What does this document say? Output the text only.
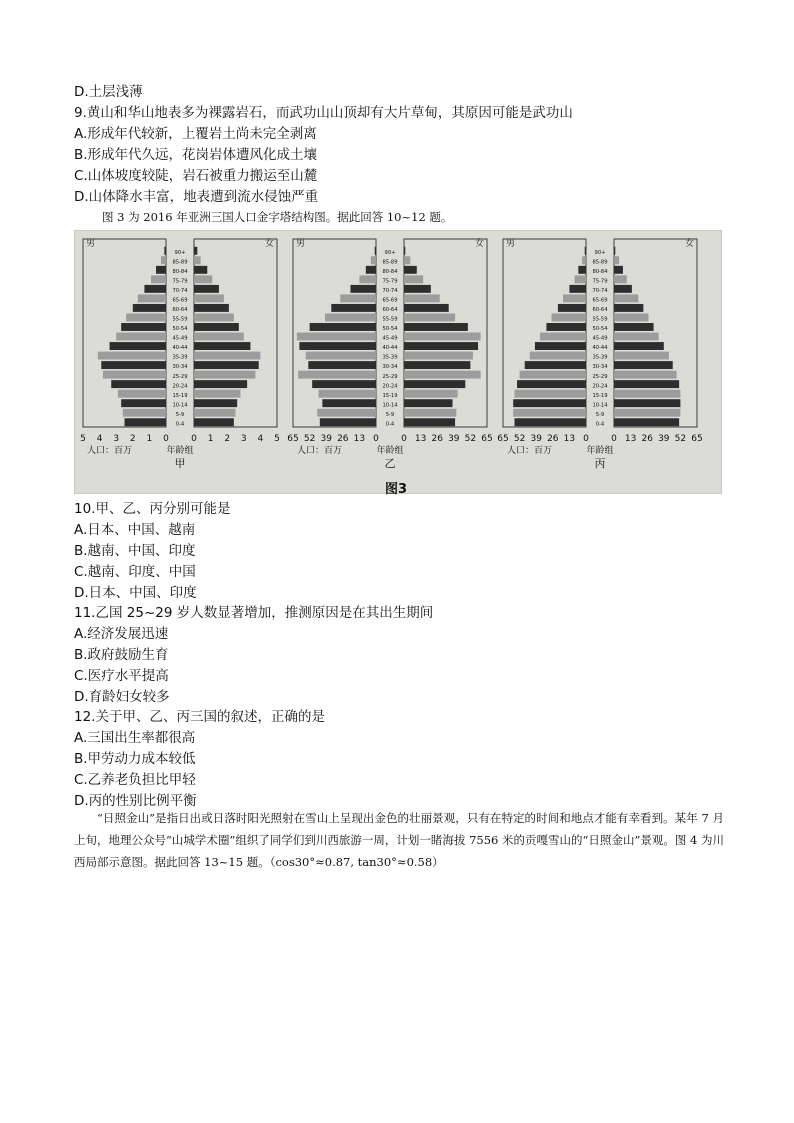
D.土层浅薄
9.黄山和华山地表多为裸露岩石，而武功山山顶却有大片草甸，其原因可能是武功山
A.形成年代较新，上覆岩土尚未完全剥离
B.形成年代久远，花岗岩体遭风化成土壤
C.山体坡度较陡，岩石被重力搬运至山麓
D.山体降水丰富，地表遭到流水侵蚀严重
图 3 为 2016 年亚洲三国人口金字塔结构图。据此回答 10~12 题。
男	女
0-4
5-9
10-14
15-19
20-24
25-29
30-34
35-39
40-44
45-49
50-54
55-59
60-64
65-69
70-74
75-79
80-84
85-89
90+
5 4 3 2 1 0 0 1 2 3 4 5
人口：百万	年龄组
甲
男	女
0-4
5-9
10-14
15-19
20-24
25-29
30-34
35-39
40-44
45-49
50-54
55-59
60-64
65-69
70-74
75-79
80-84
85-89
90+
65 52 39 26 13 0 0 13 26 39 52 65
人口：百万	年龄组
乙
男	女
0-4
5-9
10-14
15-19
20-24
25-29
30-34
35-39
40-44
45-49
50-54
55-59
60-64
65-69
70-74
75-79
80-84
85-89
90+
65 52 39 26 13 0 0 13 26 39 52 65
人口：百万	年龄组
丙
图3
10.甲、乙、丙分别可能是
A.日本、中国、越南
B.越南、中国、印度
C.越南、印度、中国
D.日本、中国、印度
11.乙国 25~29 岁人数显著增加，推测原因是在其出生期间
A.经济发展迅速
B.政府鼓励生育
C.医疗水平提高
D.育龄妇女较多
12.关于甲、乙、丙三国的叙述，正确的是
A.三国出生率都很高
B.甲劳动力成本较低
C.乙养老负担比甲轻
D.丙的性别比例平衡

“日照金山”是指日出或日落时阳光照射在雪山上呈现出金色的壮丽景观，只有在特定的时间和地点才能有幸看到。某年 7 月上旬，地理公众号“山城学术圈”组织了同学们到川西旅游一周，计划一睹海拔 7556 米的贡嘎雪山的“日照金山”景观。图 4 为川西局部示意图。据此回答 13~15 题。（cos30°≈0.87, tan30°≈0.58）
